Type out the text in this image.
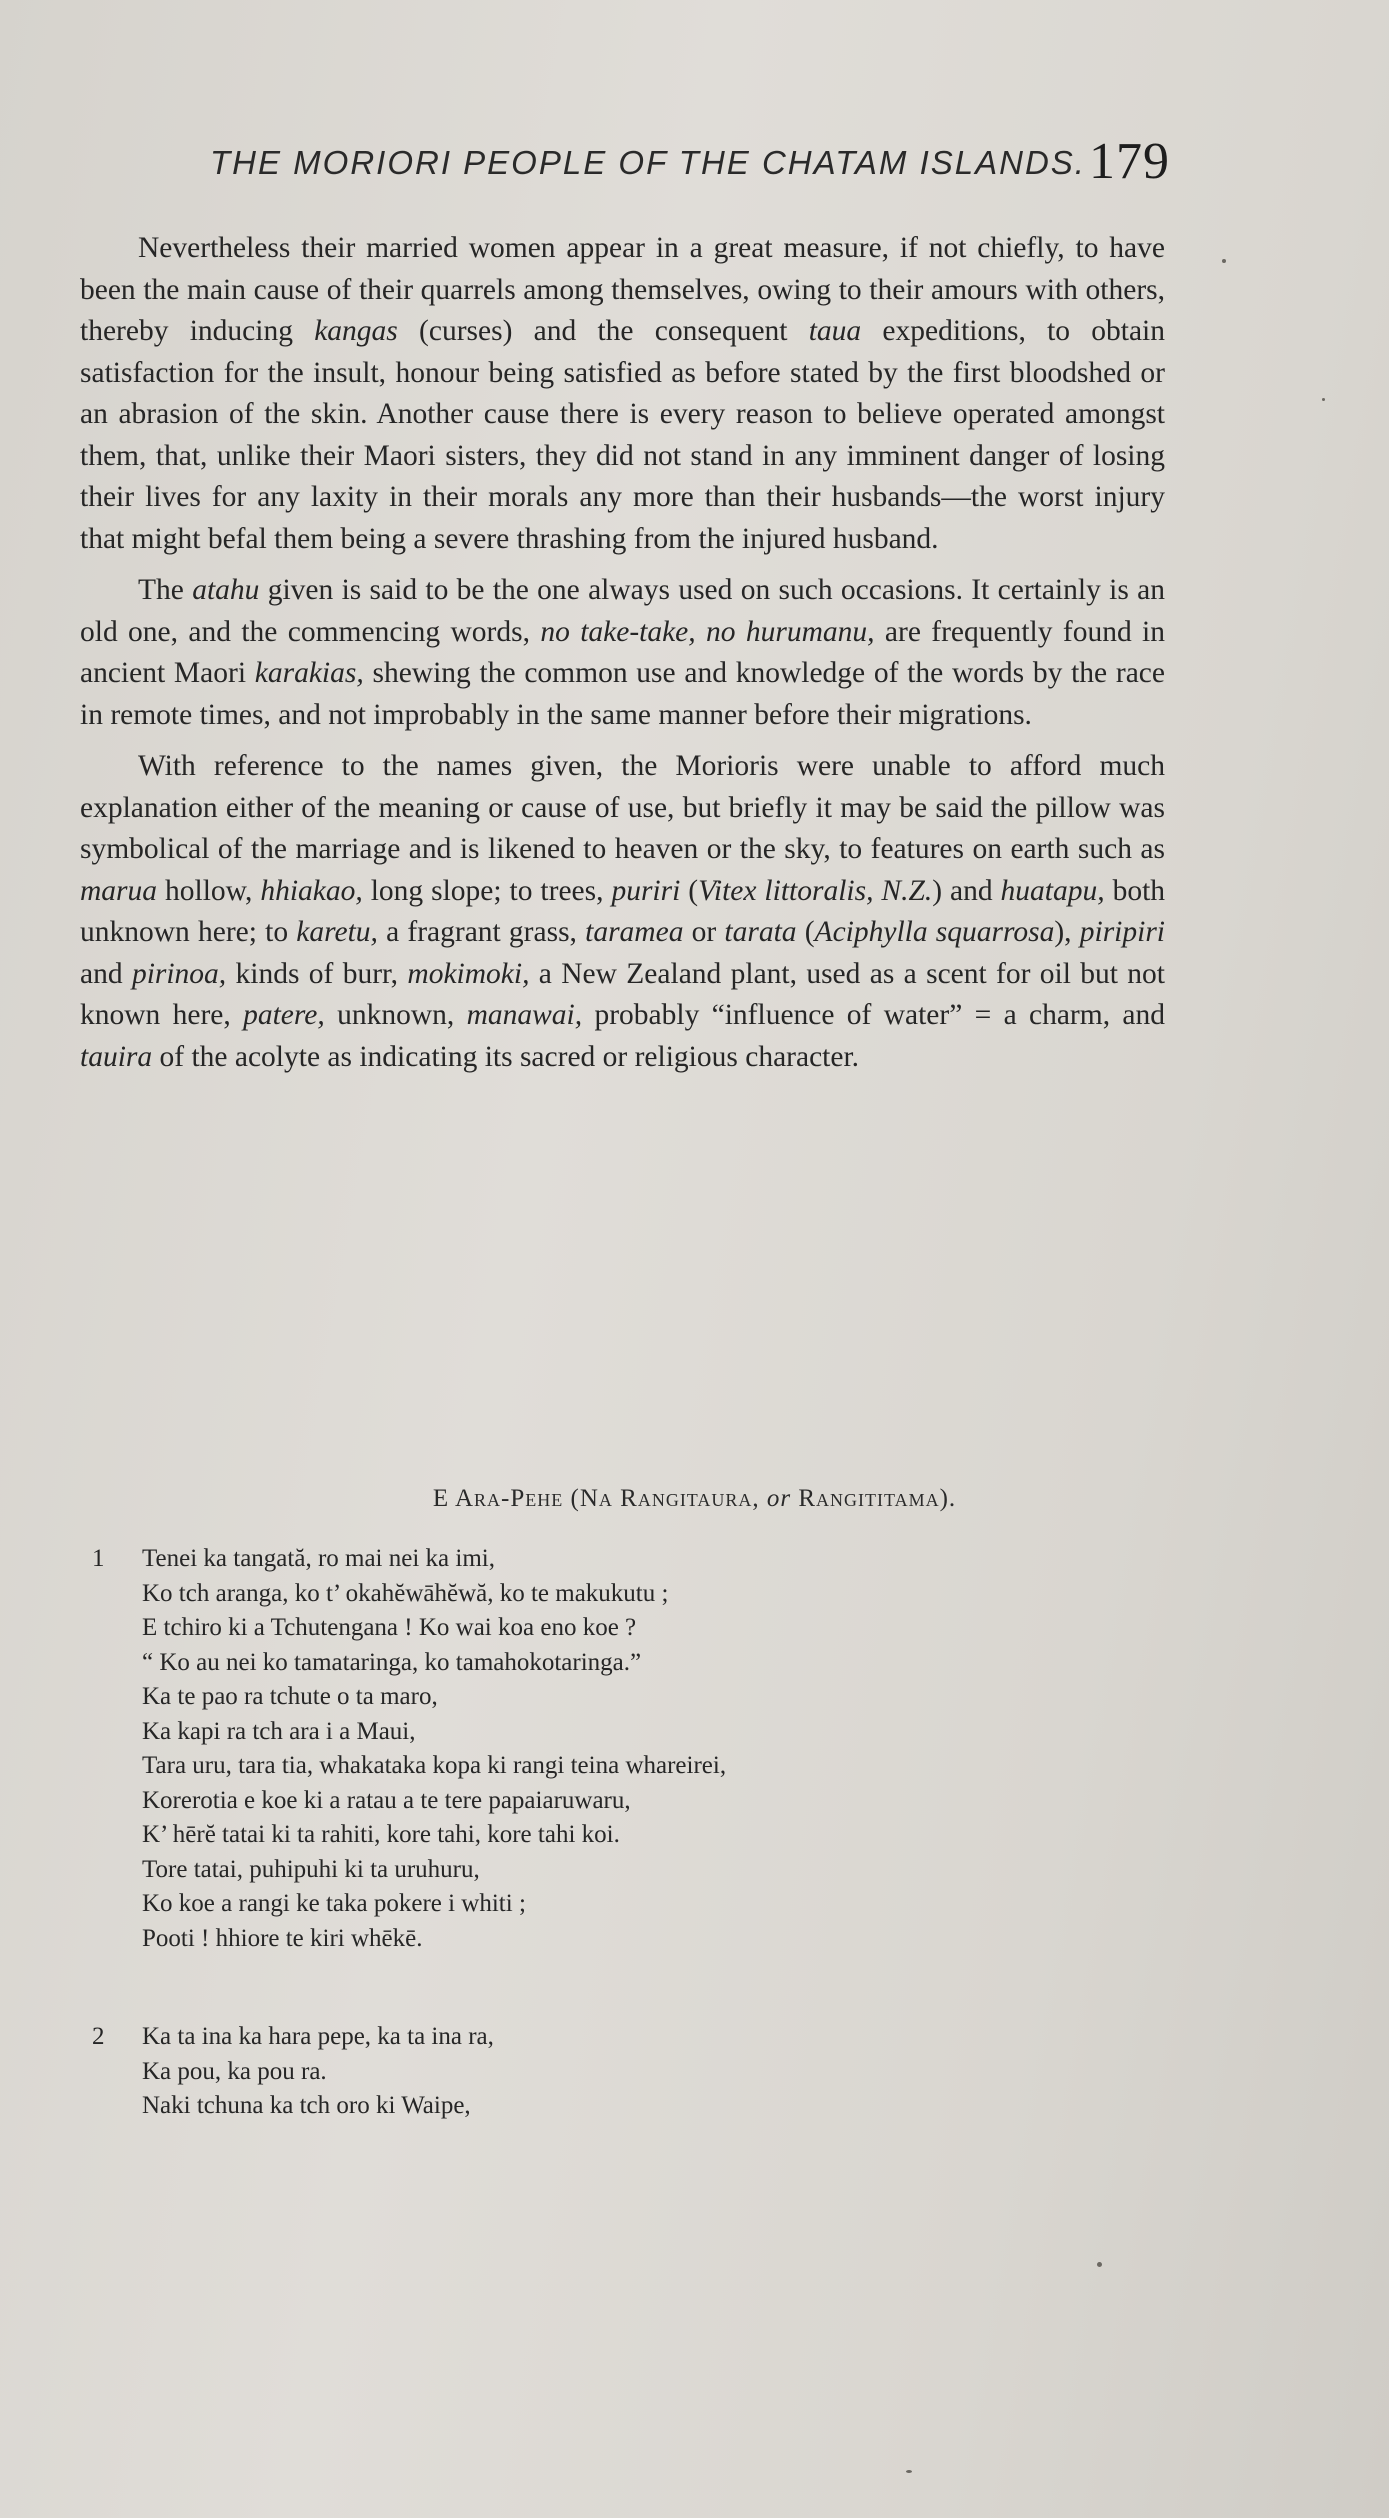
THE MORIORI PEOPLE OF THE CHATAM ISLANDS. 179

Nevertheless their married women appear in a great measure, if not chiefly, to have been the main cause of their quarrels among themselves, owing to their amours with others, thereby inducing kangas (curses) and the consequent taua expeditions, to obtain satisfaction for the insult, honour being satisfied as before stated by the first bloodshed or an abrasion of the skin. Another cause there is every reason to believe operated amongst them, that, unlike their Maori sisters, they did not stand in any imminent danger of losing their lives for any laxity in their morals any more than their husbands—the worst injury that might befal them being a severe thrashing from the injured husband.

The atahu given is said to be the one always used on such occasions. It certainly is an old one, and the commencing words, no take-take, no hurumanu, are frequently found in ancient Maori karakias, shewing the common use and knowledge of the words by the race in remote times, and not improbably in the same manner before their migrations.

With reference to the names given, the Morioris were unable to afford much explanation either of the meaning or cause of use, but briefly it may be said the pillow was symbolical of the marriage and is likened to heaven or the sky, to features on earth such as marua hollow, hhiakao, long slope; to trees, puriri (Vitex littoralis, N.Z.) and huatapu, both unknown here; to karetu, a fragrant grass, taramea or tarata (Aciphylla squarrosa), piripiri and pirinoa, kinds of burr, mokimoki, a New Zealand plant, used as a scent for oil but not known here, patere, unknown, manawai, probably “influence of water” = a charm, and tauira of the acolyte as indicating its sacred or religious character.

E Ara-Pehe (Na Rangitaura, or Rangititama).
1 Tenei ka tangată, ro mai nei ka imi,
Ko tch aranga, ko t’ okahĕwāhĕwă, ko te makukutu ;
E tchiro ki a Tchutengana ! Ko wai koa eno koe ?
“ Ko au nei ko tamataringa, ko tamahokotaringa.”
Ka te pao ra tchute o ta maro,
Ka kapi ra tch ara i a Maui,
Tara uru, tara tia, whakataka kopa ki rangi teina whareirei,
Korerotia e koe ki a ratau a te tere papaiaruwaru,
K’ hērĕ tatai ki ta rahiti, kore tahi, kore tahi koi.
Tore tatai, puhipuhi ki ta uruhuru,
Ko koe a rangi ke taka pokere i whiti ;
Pooti ! hhiore te kiri whēkē.
2 Ka ta ina ka hara pepe, ka ta ina ra,
Ka pou, ka pou ra.
Naki tchuna ka tch oro ki Waipe,
